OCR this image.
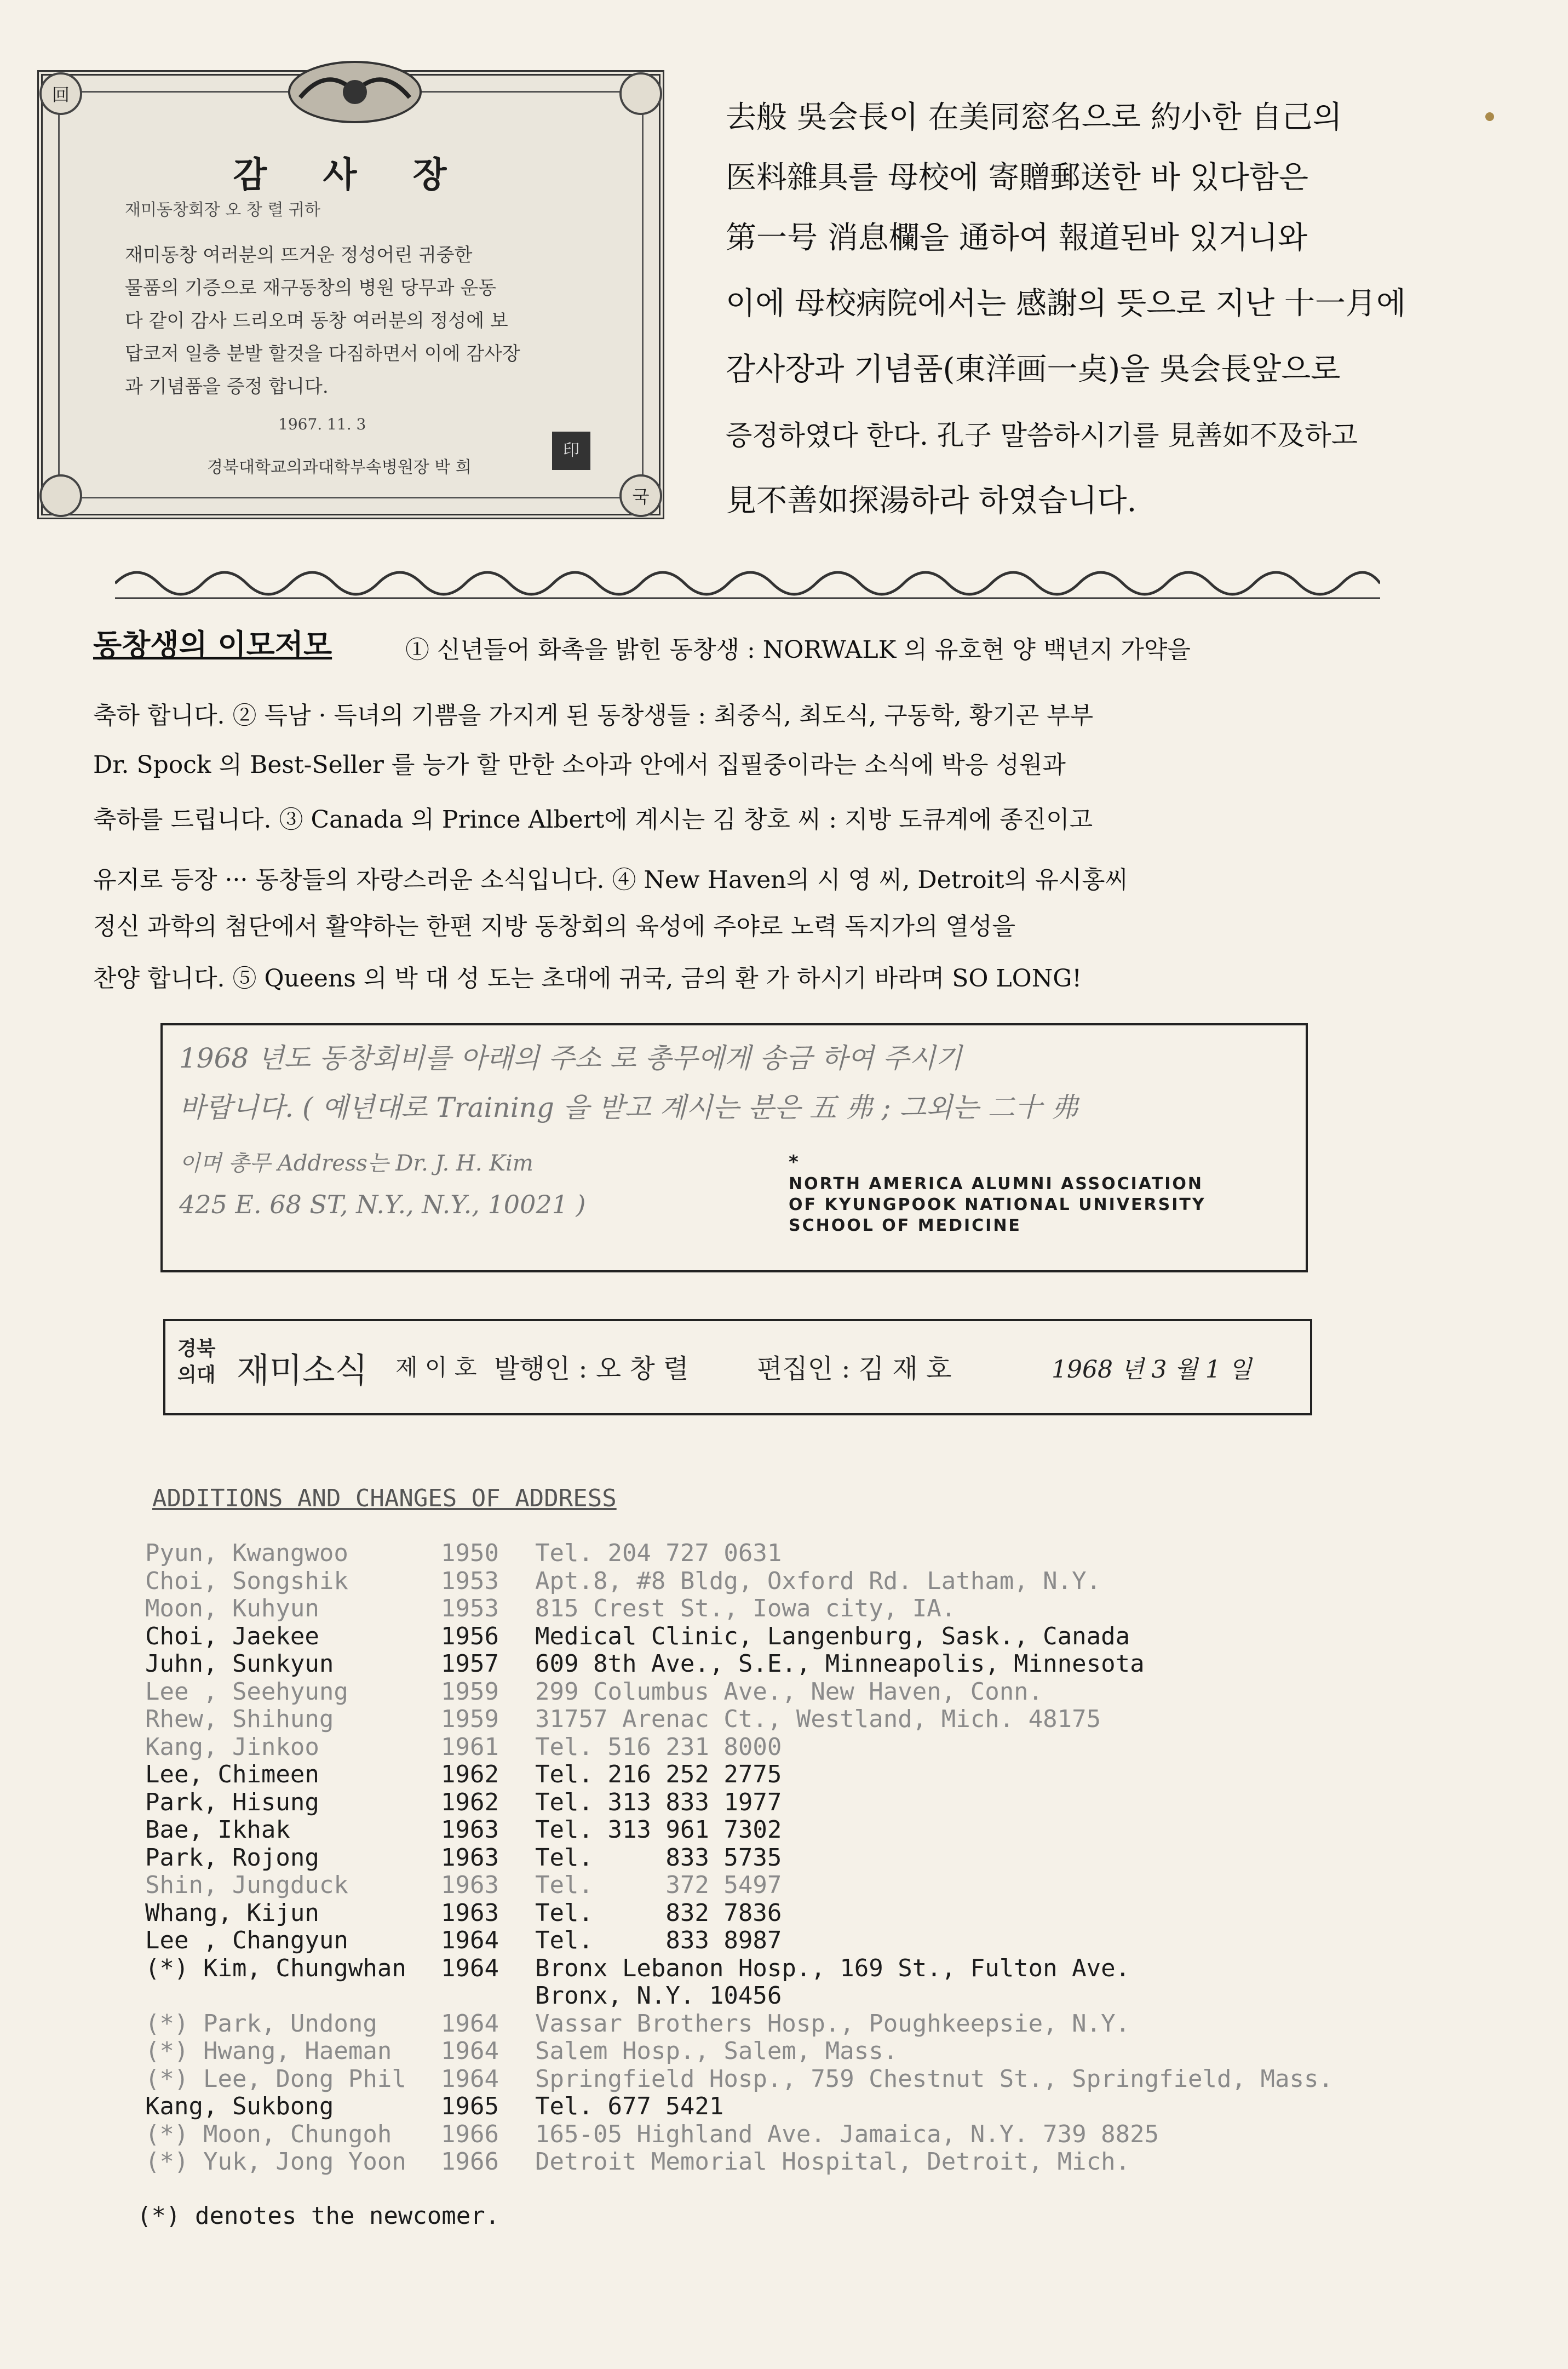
回
국
감 사 장
재미동창회장 오 창 렬 귀하
재미동창 여러분의 뜨거운 정성어린 귀중한
물품의 기증으로 재구동창의 병원 당무과 운동
다 같이 감사 드리오며 동창 여러분의 정성에 보
답코저 일층 분발 할것을 다짐하면서 이에 감사장
과 기념품을 증정 합니다.
1967. 11. 3
경북대학교의과대학부속병원장 박 희
印
去般 吳会長이 在美同窓名으로 約小한 自己의
医料雜具를 母校에 寄贈郵送한 바 있다함은
第一号 消息欄을 通하여 報道된바 있거니와
이에 母校病院에서는 感謝의 뜻으로 지난 十一月에
감사장과 기념품(東洋画一奌)을 吳会長앞으로
증정하였다 한다. 孔子 말씀하시기를 見善如不及하고
見不善如探湯하라 하였습니다.
동창생의 이모저모	① 신년들어 화촉을 밝힌 동창생 : NORWALK 의 유호현 양 백년지 가약을
축하 합니다. ② 득남 · 득녀의 기쁨을 가지게 된 동창생들 : 최중식, 최도식, 구동학, 황기곤 부부
Dr. Spock 의 Best-Seller 를 능가 할 만한 소아과 안에서 집필중이라는 소식에 박응 성원과
축하를 드립니다. ③ Canada 의 Prince Albert에 계시는 김 창호 씨 : 지방 도큐계에 종진이고
유지로 등장 ··· 동창들의 자랑스러운 소식입니다. ④ New Haven의 시 영 씨, Detroit의 유시홍씨
정신 과학의 첨단에서 활약하는 한편 지방 동창회의 육성에 주야로 노력 독지가의 열성을
찬양 합니다. ⑤ Queens 의 박 대 성 도는 초대에 귀국, 금의 환 가 하시기 바라며 SO LONG!
1968 년도 동창회비를 아래의 주소 로 총무에게 송금 하여 주시기
바랍니다. ( 예년대로 Training 을 받고 계시는 분은 五 弗 ; 그외는 二十 弗
이며 총무 Address는 Dr. J. H. Kim
425 E. 68 ST, N.Y., N.Y., 10021 )
*
NORTH AMERICA ALUMNI ASSOCIATION
OF KYUNGPOOK NATIONAL UNIVERSITY
SCHOOL OF MEDICINE
경북
의대 재미소식 제 이 호 발행인 : 오 창 렬	편집인 : 김 재 호	1968 년 3 월 1 일
ADDITIONS AND CHANGES OF ADDRESS
Pyun, Kwangwoo	1950 Tel. 204 727 0631
Choi, Songshik	1953 Apt.8, #8 Bldg, Oxford Rd. Latham, N.Y.
Moon, Kuhyun	1953 815 Crest St., Iowa city, IA.
Choi, Jaekee	1956 Medical Clinic, Langenburg, Sask., Canada
Juhn, Sunkyun	1957 609 8th Ave., S.E., Minneapolis, Minnesota
Lee , Seehyung	1959 299 Columbus Ave., New Haven, Conn.
Rhew, Shihung	1959 31757 Arenac Ct., Westland, Mich. 48175
Kang, Jinkoo	1961 Tel. 516 231 8000
Lee, Chimeen	1962 Tel. 216 252 2775
Park, Hisung	1962 Tel. 313 833 1977
Bae, Ikhak	1963 Tel. 313 961 7302
Park, Rojong	1963 Tel.     833 5735
Shin, Jungduck	1963 Tel.     372 5497
Whang, Kijun	1963 Tel.     832 7836
Lee , Changyun	1964 Tel.     833 8987
(*) Kim, Chungwhan 1964 Bronx Lebanon Hosp., 169 St., Fulton Ave.
Bronx, N.Y. 10456
(*) Park, Undong	1964 Vassar Brothers Hosp., Poughkeepsie, N.Y.
(*) Hwang, Haeman 1964 Salem Hosp., Salem, Mass.
(*) Lee, Dong Phil 1964 Springfield Hosp., 759 Chestnut St., Springfield, Mass.
Kang, Sukbong	1965 Tel. 677 5421
(*) Moon, Chungoh 1966 165-05 Highland Ave. Jamaica, N.Y. 739 8825
(*) Yuk, Jong Yoon 1966 Detroit Memorial Hospital, Detroit, Mich.
(*) denotes the newcomer.
